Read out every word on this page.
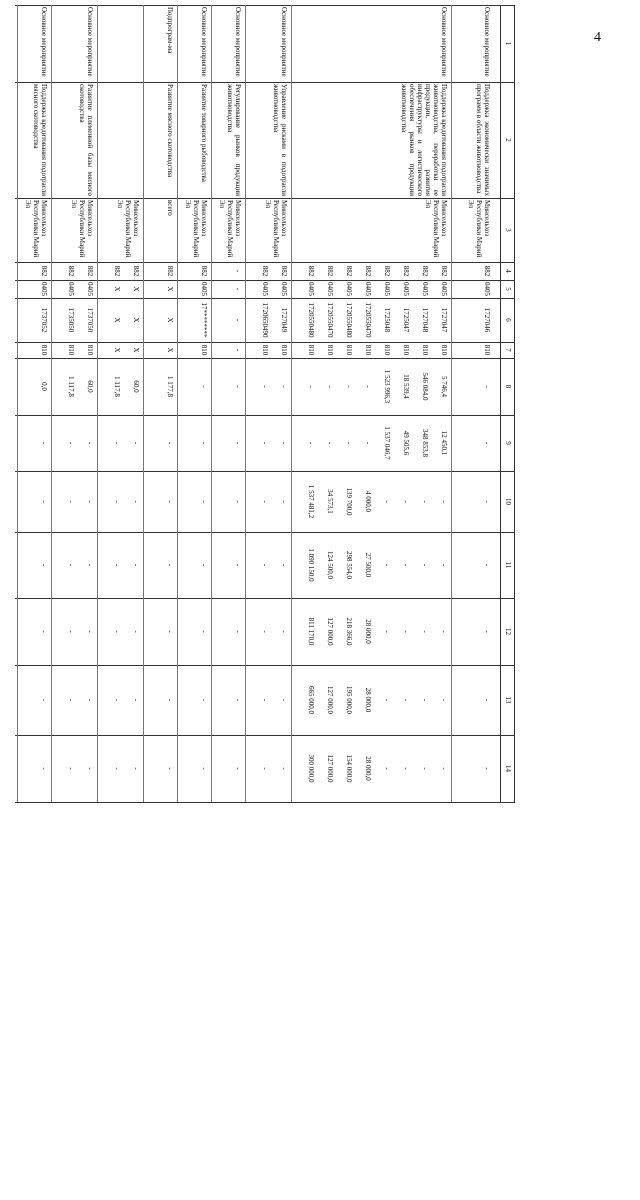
4
1
2
3
4
5
6
7
8
9
10
11
12
13
14
Основное мероприятие
Поддержка экономически значимых программ в области животноводства
Минсельхоз Республики Марий Эл
882
0405
1727046
810
-
-
-
-
-
-
-
Основное мероприятие
Поддержка кредитования подотрасли животноводства, переработки ее продукции, развития инфраструктуры и логистического обеспечения рынков продукции животноводства
Минсельхоз Республики Марий Эл
882
0405
1727047
810
5 746,4
12 450,1
-
-
-
-
-
882
0405
1727048
810
546 084,0
348 853,8
-
-
-
-
-
882
0405
1725047
810
18 539,4
49 505,6
-
-
-
-
-
882
0405
1725048
810
1 523 996,3
1 537 046,7
-
-
-
-
-
882
0405
1720550470
810
-
-
4 000,0
27 500,0
28 000,0
28 000,0
28 000,0
882
0405
1720550480
810
-
-
139 700,0
298 554,0
218 366,0
195 000,0
154 000,0
882
0405
1720550470
810
-
-
34 573,1
124 500,0
127 000,0
127 000,0
127 000,0
882
0405
1720550480
810
-
-
1 537 481,2
1 090 150,0
811 170,0
665 000,0
300 000,0
Основное мероприятие
Управление рисками в подотрасли животноводства
Минсельхоз Республики Марий Эл
882
0405
1727049
810
-
-
-
-
-
-
-
882
0405
1720650490
810
-
-
-
-
-
-
-
Основное мероприятие
Регулирование рынков продукции животноводства
Минсельхоз Республики Марий Эл
-
-
-
-
-
-
-
-
-
-
-
Основное мероприятие
Развитие товарного рыбоводства
Минсельхоз Республики Марий Эл
882
0405
17********
810
-
-
-
-
-
-
-
Подпрограм-ма
Развитие мясного скотоводства
всего
882
Х
Х
Х
1 177,8
-
-
-
-
-
-
Минсельхоз Республики Марий Эл
882
Х
Х
Х
60,0
-
-
-
-
-
-
882
Х
Х
Х
1 117,8
-
-
-
-
-
-
Основное мероприятие
Развитие племенной базы мясного скотоводства
Минсельхоз Республики Марий Эл
882
0405
1737050
810
60,0
-
-
-
-
-
-
882
0405
1735050
810
1 117,8
-
-
-
-
-
-
Основное мероприятие
Поддержка кредитования подотрасли мясного скотоводства
Минсельхоз Республики Марий Эл
882
0405
1737052
810
0,0
-
-
-
-
-
-
